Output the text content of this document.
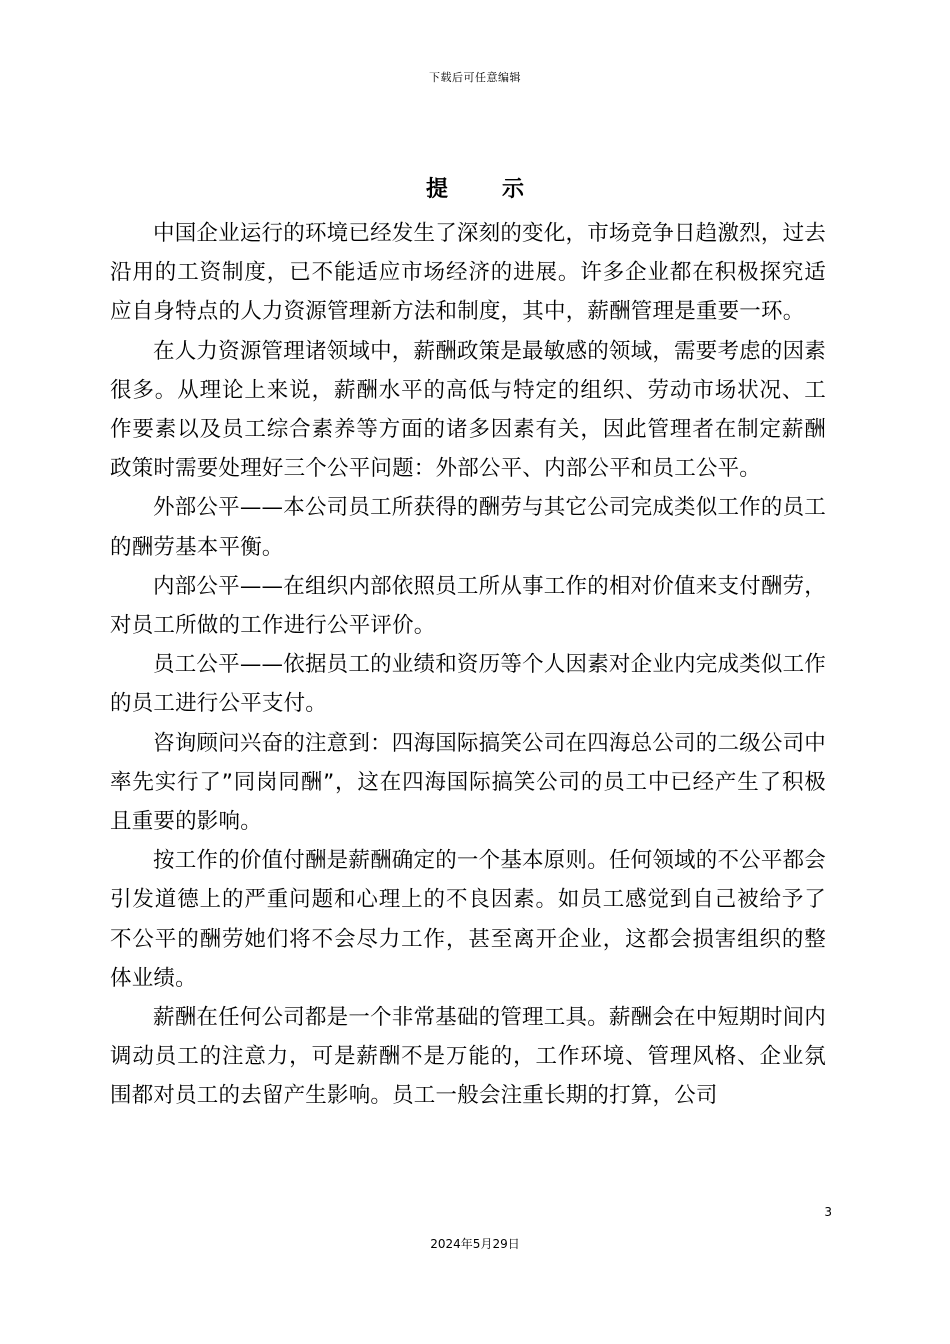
下载后可任意编辑
提 示

中国企业运行的环境已经发生了深刻的变化，市场竞争日趋激烈，过去沿用的工资制度，已不能适应市场经济的进展。许多企业都在积极探究适应自身特点的人力资源管理新方法和制度，其中，薪酬管理是重要一环。

在人力资源管理诸领域中，薪酬政策是最敏感的领域，需要考虑的因素很多。从理论上来说，薪酬水平的高低与特定的组织、劳动市场状况、工作要素以及员工综合素养等方面的诸多因素有关，因此管理者在制定薪酬政策时需要处理好三个公平问题：外部公平、内部公平和员工公平。

外部公平——本公司员工所获得的酬劳与其它公司完成类似工作的员工的酬劳基本平衡。

内部公平——在组织内部依照员工所从事工作的相对价值来支付酬劳，对员工所做的工作进行公平评价。

员工公平——依据员工的业绩和资历等个人因素对企业内完成类似工作的员工进行公平支付。

咨询顾问兴奋的注意到：四海国际搞笑公司在四海总公司的二级公司中率先实行了”同岗同酬”，这在四海国际搞笑公司的员工中已经产生了积极且重要的影响。

按工作的价值付酬是薪酬确定的一个基本原则。任何领域的不公平都会引发道德上的严重问题和心理上的不良因素。如员工感觉到自己被给予了不公平的酬劳她们将不会尽力工作，甚至离开企业，这都会损害组织的整体业绩。

薪酬在任何公司都是一个非常基础的管理工具。薪酬会在中短期时间内调动员工的注意力，可是薪酬不是万能的，工作环境、管理风格、企业氛围都对员工的去留产生影响。员工一般会注重长期的打算，公司

3
2024年5月29日
